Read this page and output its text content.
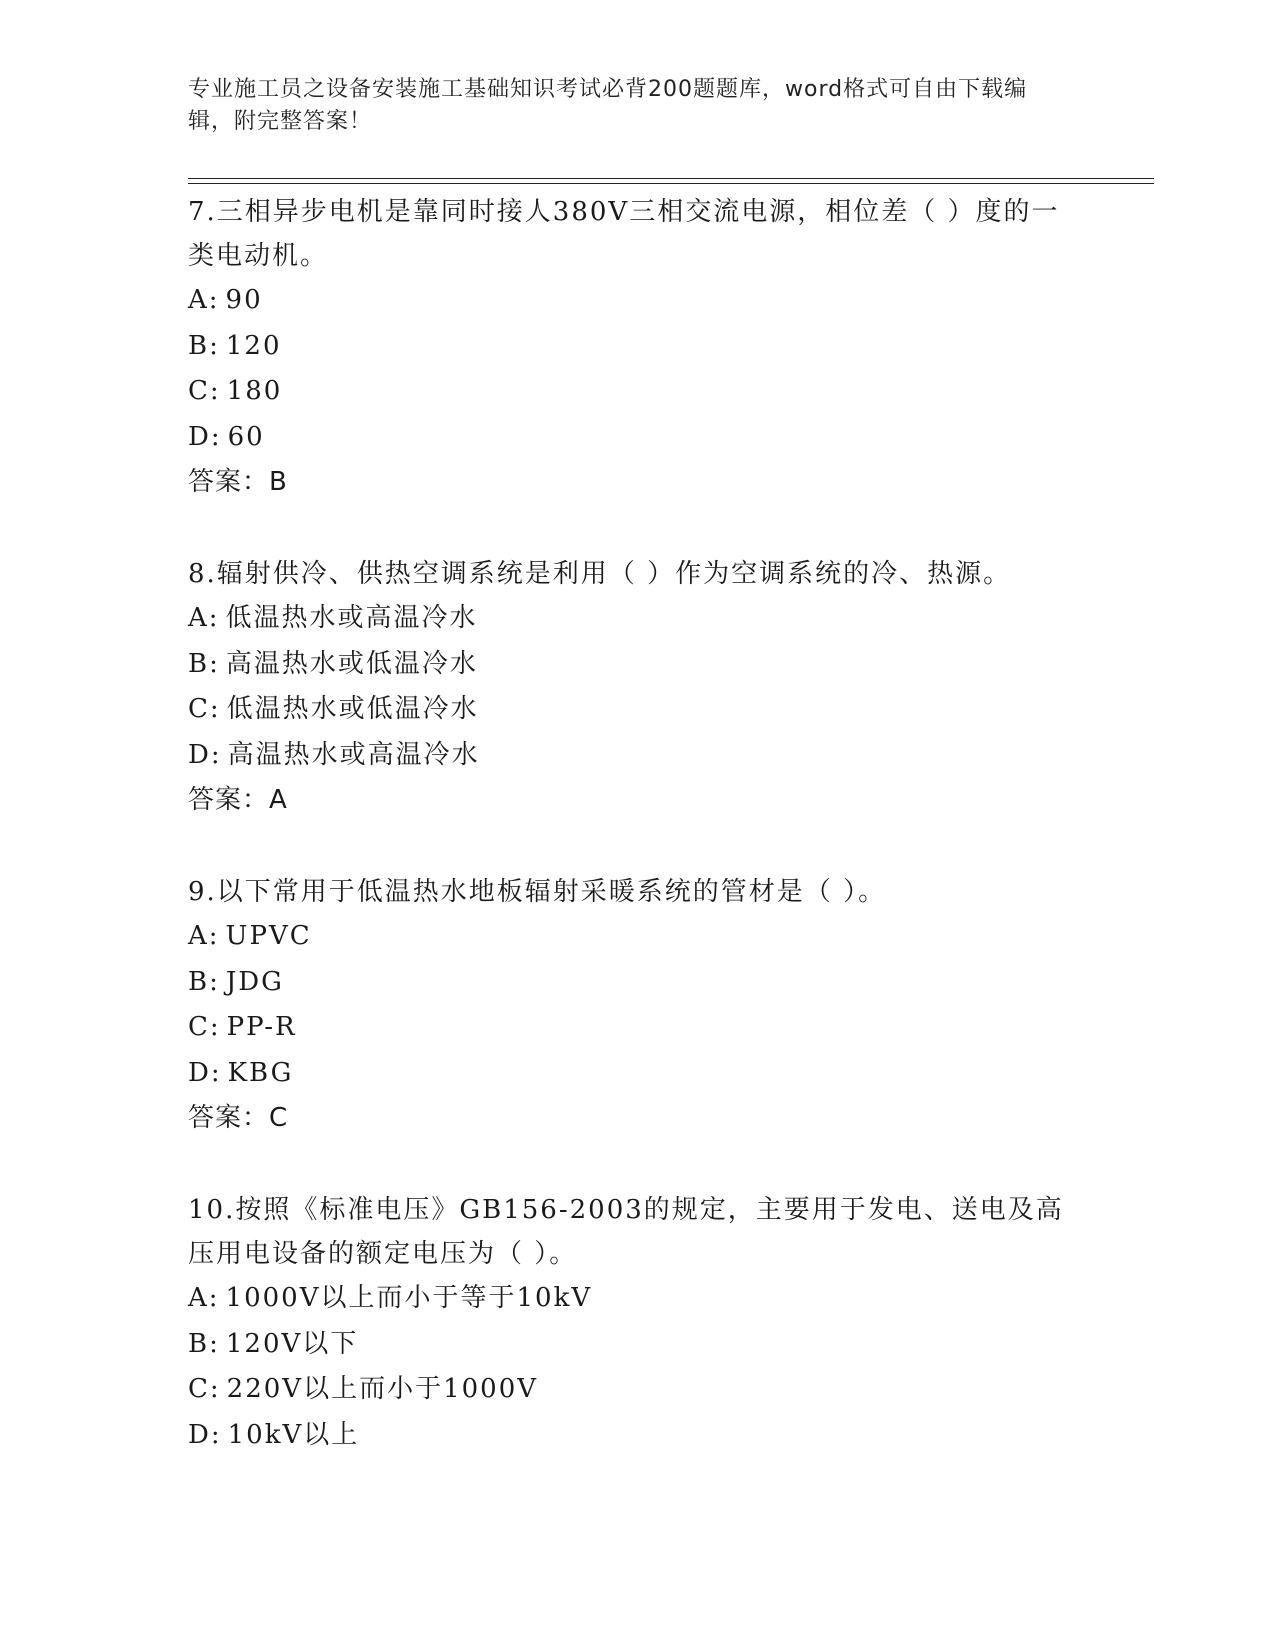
专业施工员之设备安装施工基础知识考试必背200题题库，word格式可自由下载编辑，附完整答案！

7.三相异步电机是靠同时接人380V三相交流电源，相位差（ ）度的一类电动机。

A: 90

B: 120

C: 180

D: 60

答案：B

8.辐射供冷、供热空调系统是利用（ ）作为空调系统的冷、热源。

A: 低温热水或高温冷水

B: 高温热水或低温冷水

C: 低温热水或低温冷水

D: 高温热水或高温冷水

答案：A

9.以下常用于低温热水地板辐射采暖系统的管材是（ ）。

A: UPVC

B: JDG

C: PP-R

D: KBG

答案：C

10.按照《标准电压》GB156-2003的规定，主要用于发电、送电及高压用电设备的额定电压为（ ）。

A: 1000V以上而小于等于10kV

B: 120V以下

C: 220V以上而小于1000V

D: 10kV以上
